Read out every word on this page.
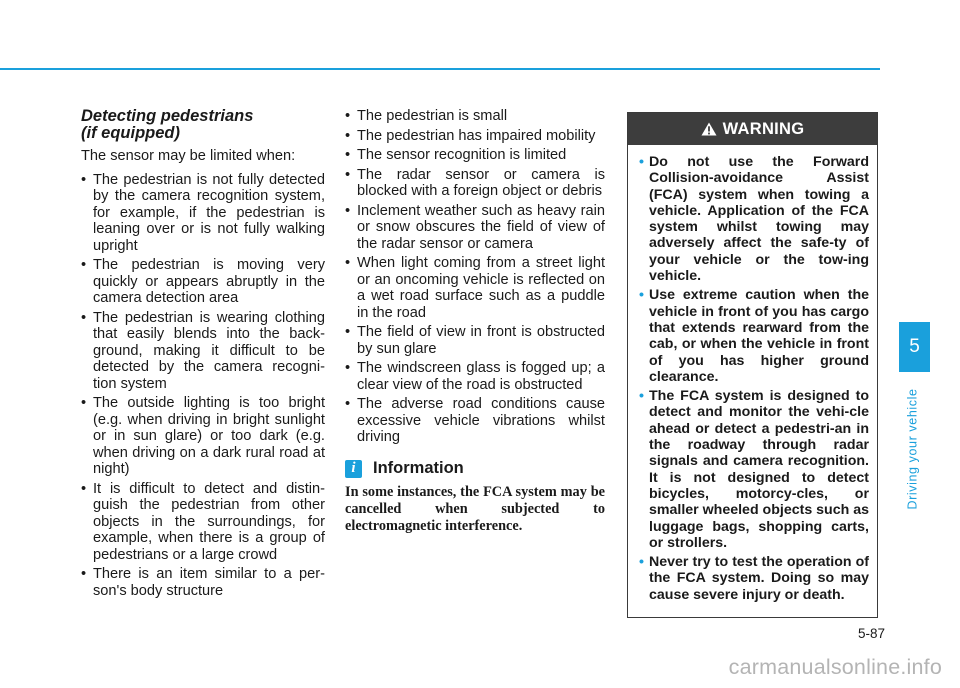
Detecting pedestrians
(if equipped)

The sensor may be limited when:

• The pedestrian is not fully detected by the camera recognition system, for example, if the pedestrian is leaning over or is not fully walking upright
• The pedestrian is moving very quickly or appears abruptly in the camera detection area
• The pedestrian is wearing clothing that easily blends into the back-ground, making it difficult to be detected by the camera recogni-tion system
• The outside lighting is too bright (e.g. when driving in bright sunlight or in sun glare) or too dark (e.g. when driving on a dark rural road at night)
• It is difficult to detect and distin-guish the pedestrian from other objects in the surroundings, for example, when there is a group of pedestrians or a large crowd
• There is an item similar to a per-son's body structure
• The pedestrian is small
• The pedestrian has impaired mobility
• The sensor recognition is limited
• The radar sensor or camera is blocked with a foreign object or debris
• Inclement weather such as heavy rain or snow obscures the field of view of the radar sensor or camera
• When light coming from a street light or an oncoming vehicle is reflected on a wet road surface such as a puddle in the road
• The field of view in front is obstructed by sun glare
• The windscreen glass is fogged up; a clear view of the road is obstructed
• The adverse road conditions cause excessive vehicle vibrations whilst driving
i	Information

In some instances, the FCA system may be cancelled when subjected to electromagnetic interference.

WARNING
• Do not use the Forward Collision-avoidance Assist (FCA) system when towing a vehicle. Application of the FCA system whilst towing may adversely affect the safe-ty of your vehicle or the tow-ing vehicle.
• Use extreme caution when the vehicle in front of you has cargo that extends rearward from the cab, or when the vehicle in front of you has higher ground clearance.
• The FCA system is designed to detect and monitor the vehi-cle ahead or detect a pedestri-an in the roadway through radar signals and camera recognition. It is not designed to detect bicycles, motorcy-cles, or smaller wheeled objects such as luggage bags, shopping carts, or strollers.
• Never try to test the operation of the FCA system. Doing so may cause severe injury or death.
5
Driving your vehicle
5-87
carmanualsonline.info
